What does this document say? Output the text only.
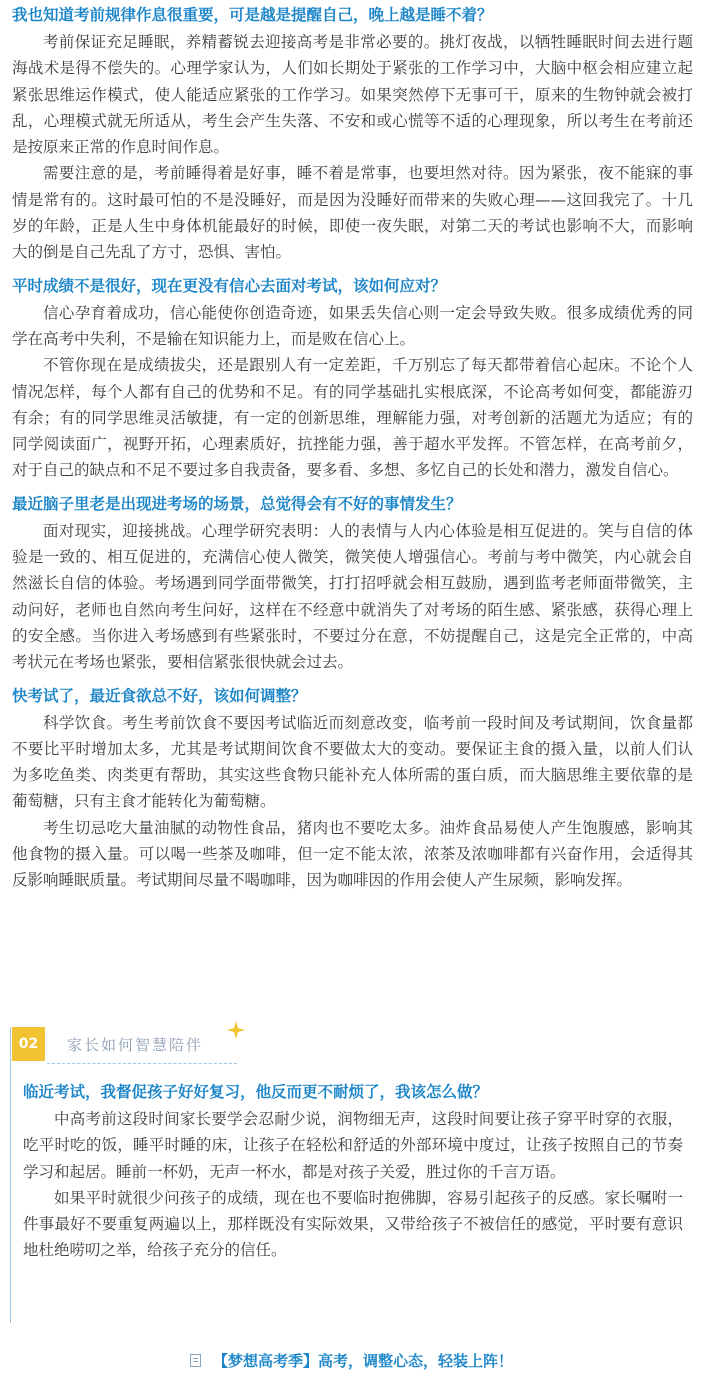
我也知道考前规律作息很重要，可是越是提醒自己，晚上越是睡不着？

考前保证充足睡眠，养精蓄锐去迎接高考是非常必要的。挑灯夜战，以牺牲睡眠时间去进行题海战术是得不偿失的。心理学家认为，人们如长期处于紧张的工作学习中，大脑中枢会相应建立起紧张思维运作模式，使人能适应紧张的工作学习。如果突然停下无事可干，原来的生物钟就会被打乱，心理模式就无所适从，考生会产生失落、不安和或心慌等不适的心理现象，所以考生在考前还是按原来正常的作息时间作息。

需要注意的是，考前睡得着是好事，睡不着是常事，也要坦然对待。因为紧张，夜不能寐的事情是常有的。这时最可怕的不是没睡好，而是因为没睡好而带来的失败心理——这回我完了。十几岁的年龄，正是人生中身体机能最好的时候，即使一夜失眠，对第二天的考试也影响不大，而影响大的倒是自己先乱了方寸，恐惧、害怕。

平时成绩不是很好，现在更没有信心去面对考试，该如何应对？

信心孕育着成功，信心能使你创造奇迹，如果丢失信心则一定会导致失败。很多成绩优秀的同学在高考中失利，不是输在知识能力上，而是败在信心上。

不管你现在是成绩拔尖，还是跟别人有一定差距，千万别忘了每天都带着信心起床。不论个人情况怎样，每个人都有自己的优势和不足。有的同学基础扎实根底深，不论高考如何变，都能游刃有余；有的同学思维灵活敏捷，有一定的创新思维，理解能力强，对考创新的活题尤为适应；有的同学阅读面广，视野开拓，心理素质好，抗挫能力强，善于超水平发挥。不管怎样，在高考前夕，对于自己的缺点和不足不要过多自我责备，要多看、多想、多忆自己的长处和潜力，激发自信心。

最近脑子里老是出现进考场的场景，总觉得会有不好的事情发生？

面对现实，迎接挑战。心理学研究表明：人的表情与人内心体验是相互促进的。笑与自信的体验是一致的、相互促进的，充满信心使人微笑，微笑使人增强信心。考前与考中微笑，内心就会自然滋长自信的体验。考场遇到同学面带微笑，打打招呼就会相互鼓励，遇到监考老师面带微笑，主动问好，老师也自然向考生问好，这样在不经意中就消失了对考场的陌生感、紧张感，获得心理上的安全感。当你进入考场感到有些紧张时，不要过分在意，不妨提醒自己，这是完全正常的，中高考状元在考场也紧张，要相信紧张很快就会过去。

快考试了，最近食欲总不好，该如何调整？

科学饮食。考生考前饮食不要因考试临近而刻意改变，临考前一段时间及考试期间，饮食量都不要比平时增加太多，尤其是考试期间饮食不要做太大的变动。要保证主食的摄入量，以前人们认为多吃鱼类、肉类更有帮助，其实这些食物只能补充人体所需的蛋白质，而大脑思维主要依靠的是葡萄糖，只有主食才能转化为葡萄糖。

考生切忌吃大量油腻的动物性食品，猪肉也不要吃太多。油炸食品易使人产生饱腹感，影响其他食物的摄入量。可以喝一些茶及咖啡，但一定不能太浓，浓茶及浓咖啡都有兴奋作用，会适得其反影响睡眠质量。考试期间尽量不喝咖啡，因为咖啡因的作用会使人产生尿频，影响发挥。

02	家长如何智慧陪伴
临近考试，我督促孩子好好复习，他反而更不耐烦了，我该怎么做？

中高考前这段时间家长要学会忍耐少说，润物细无声，这段时间要让孩子穿平时穿的衣服，吃平时吃的饭，睡平时睡的床，让孩子在轻松和舒适的外部环境中度过，让孩子按照自己的节奏学习和起居。睡前一杯奶，无声一杯水，都是对孩子关爱，胜过你的千言万语。

如果平时就很少问孩子的成绩，现在也不要临时抱佛脚，容易引起孩子的反感。家长嘱咐一件事最好不要重复两遍以上，那样既没有实际效果，又带给孩子不被信任的感觉，平时要有意识地杜绝唠叨之举，给孩子充分的信任。

【梦想高考季】高考，调整心态，轻装上阵！
